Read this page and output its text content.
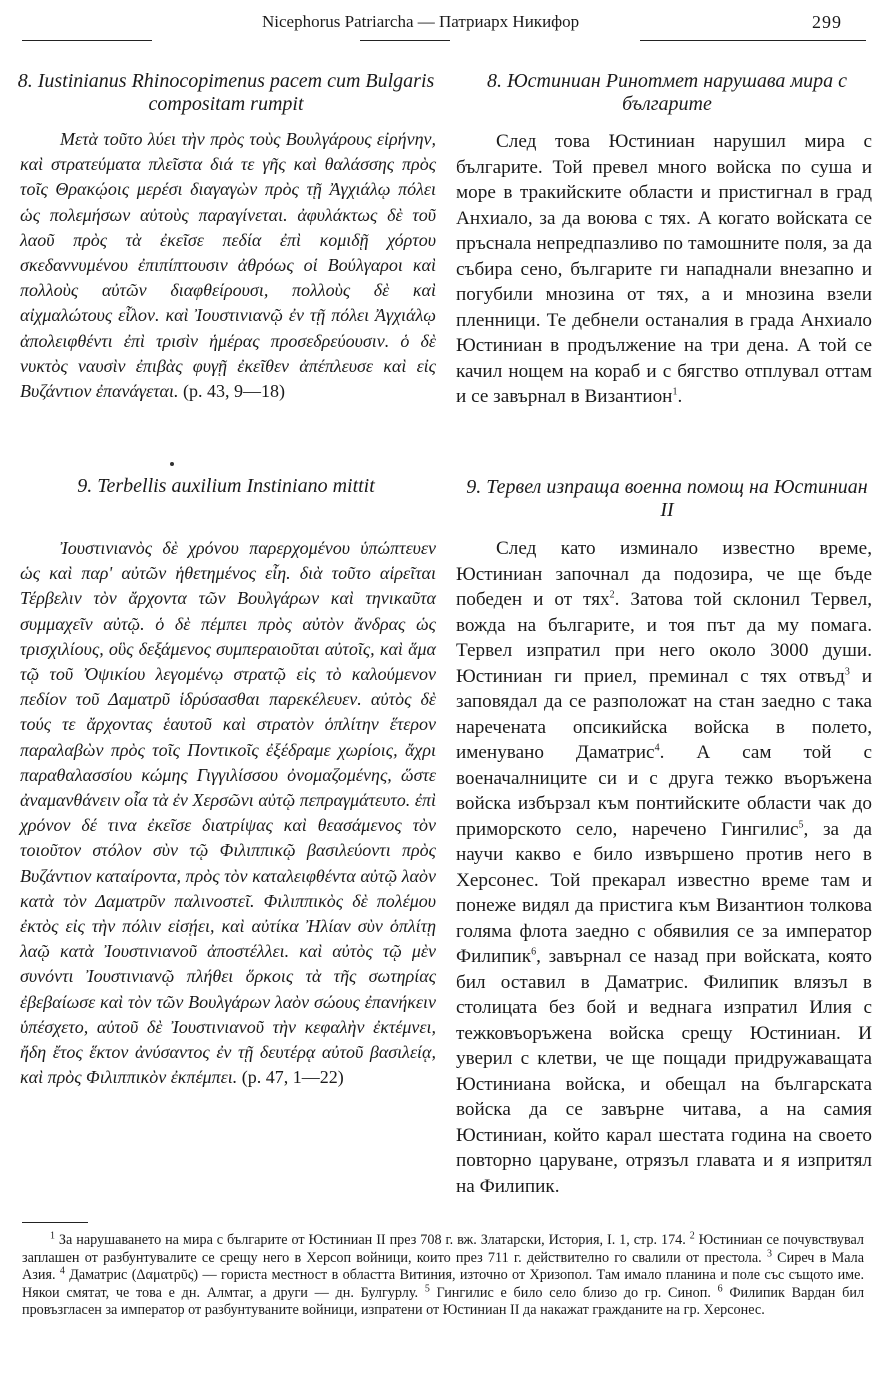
Nicephorus Patriarcha — Патриарх Никифор	299
8. Iustinianus Rhinocopimenus pacem cum Bulgaris compositam rumpit
Μετὰ τοῦτο λύει τὴν πρὸς τοὺς Βουλγάρους εἰρήνην, καὶ στρατεύματα πλεῖστα διά τε γῆς καὶ θαλάσσης πρὸς τοῖς Θρακῴοις μερέσι διαγαγὼν πρὸς τῇ Ἀγχιάλῳ πόλει ὡς πολεμήσων αὐτοὺς παραγίνεται. ἀφυλάκτως δὲ τοῦ λαοῦ πρὸς τὰ ἐκεῖσε πεδία ἐπὶ κομιδῇ χόρτου σκεδαννυμένου ἐπιπίπτουσιν ἀθρόως οἱ Βούλγαροι καὶ πολλοὺς αὐτῶν διαφθείρουσι, πολλοὺς δὲ καὶ αἰχμαλώτους εἷλον. καὶ Ἰουστινιανῷ ἐν τῇ πόλει Ἀγχιάλῳ ἀπολειφθέντι ἐπὶ τρισὶν ἡμέρας προσεδρεύουσιν. ὁ δὲ νυκτὸς ναυσὶν ἐπιβὰς φυγῇ ἐκεῖθεν ἀπέπλευσε καὶ εἰς Βυζάντιον ἐπανάγεται. (p. 43, 9—18)
8. Юстиниан Ринотмет нарушава мира с българите
След това Юстиниан нарушил мира с българите. Той превел много войска по суша и море в тракийските области и пристигнал в град Анхиало, за да воюва с тях. А когато войската се пръснала непредпазливо по тамошните поля, за да събира сено, българите ги нападнали внезапно и погубили мнозина от тях, а и мнозина взели пленници. Те дебнели останалия в града Анхиало Юстиниан в продължение на три дена. А той се качил нощем на кораб и с бягство отплувал оттам и се завърнал в Византион$^1$.
9. Terbellis auxilium Instiniano mittit
Ἰουστινιανὸς δὲ χρόνου παρερχομένου ὑπώπτευεν ὡς καὶ παρ' αὐτῶν ἡθετημένος εἶη. διὰ τοῦτο αἱρεῖται Τέρβελιν τὸν ἄρχοντα τῶν Βουλγάρων καὶ τηνικαῦτα συμμαχεῖν αὐτῷ. ὁ δὲ πέμπει πρὸς αὐτὸν ἄνδρας ὡς τρισχιλίους, οὓς δεξάμενος συμπεραιοῦται αὐτοῖς, καὶ ἅμα τῷ τοῦ Ὀψικίου λεγομένῳ στρατῷ εἰς τὸ καλούμενον πεδίον τοῦ Δαματρῦ ἱδρύσασθαι παρεκέλευεν. αὐτὸς δὲ τούς τε ἄρχοντας ἑαυτοῦ καὶ στρατὸν ὁπλίτην ἕτερον παραλαβὼν πρὸς τοῖς Ποντικοῖς ἐξέδραμε χωρίοις, ἄχρι παραθαλασσίου κώμης Γιγγιλίσσου ὀνομαζομένης, ὥστε ἀναμανθάνειν οἷα τὰ ἐν Χερσῶνι αὐτῷ πεπραγμάτευτο. ἐπὶ χρόνον δέ τινα ἐκεῖσε διατρίψας καὶ θεασάμενος τὸν τοιοῦτον στόλον σὺν τῷ Φιλιππικῷ βασιλεύοντι πρὸς Βυζάντιον καταίροντα, πρὸς τὸν καταλειφθέντα αὐτῷ λαὸν κατὰ τὸν Δαματρῦν παλινοστεῖ. Φιλιππικὸς δὲ πολέμου ἐκτὸς εἰς τὴν πόλιν εἰσῄει, καὶ αὐτίκα Ἠλίαν σὺν ὁπλίτῃ λαῷ κατὰ Ἰουστινιανοῦ ἀποστέλλει. καὶ αὐτὸς τῷ μὲν συνόντι Ἰουστινιανῷ πλήθει ὅρκοις τὰ τῆς σωτηρίας ἐβεβαίωσε καὶ τὸν τῶν Βουλγάρων λαὸν σώους ἐπανήκειν ὑπέσχετο, αὐτοῦ δὲ Ἰουστινιανοῦ τὴν κεφαλὴν ἐκτέμνει, ἤδη ἔτος ἕκτον ἀνύσαντος ἐν τῇ δευτέρᾳ αὐτοῦ βασιλείᾳ, καὶ πρὸς Φιλιππικὸν ἐκπέμπει. (p. 47, 1—22)
9. Тервел изпраща военна помощ на Юстиниан II
След като изминало известно време, Юстиниан започнал да подозира, че ще бъде победен и от тях$^2$. Затова той склонил Тервел, вожда на българите, и тоя път да му помага. Тервел изпратил при него около 3000 души. Юстиниан ги приел, преминал с тях отвъд$^3$ и заповядал да се разположат на стан заедно с така наречената опсикийска войска в полето, именувано Даматрис$^4$. А сам той с военачалниците си и с друга тежко въоръжена войска избързал към понтийските области чак до приморското село, наречено Гингилис$^5$, за да научи какво е било извършено против него в Херсонес. Той прекарал известно време там и понеже видял да пристига към Византион толкова голяма флота заедно с обявилия се за император Филипик$^6$, завърнал се назад при войската, която бил оставил в Даматрис. Филипик влязъл в столицата без бой и веднага изпратил Илия с тежковъоръжена войска срещу Юстиниан. И уверил с клетви, че ще пощади придружаващата Юстиниана войска, и обещал на българската войска да се завърне читава, а на самия Юстиниан, който карал шестата година на своето повторно царуване, отрязъл главата и я изпритял на Филипик.

$^1$ За нарушаването на мира с българите от Юстиниан II през 708 г. вж. Златарски, История, I. 1, стр. 174. $^2$ Юстиниан се почувствувал заплашен от разбунтувалите се срещу него в Херсоп войници, които през 711 г. действително го свалили от престола. $^3$ Сиреч в Мала Азия. $^4$ Даматрис (Δαματρῦς) — гориста местност в областта Витиния, източно от Хризопол. Там имало планина и поле със същото име. Някои смятат, че това е дн. Алмтаг, а други — дн. Булгурлу. $^5$ Гингилис е било село близо до гр. Синоп. $^6$ Филипик Вардан бил провъзгласен за император от разбунтуваните войници, изпратени от Юстиниан II да накажат гражданите на гр. Херсонес.
